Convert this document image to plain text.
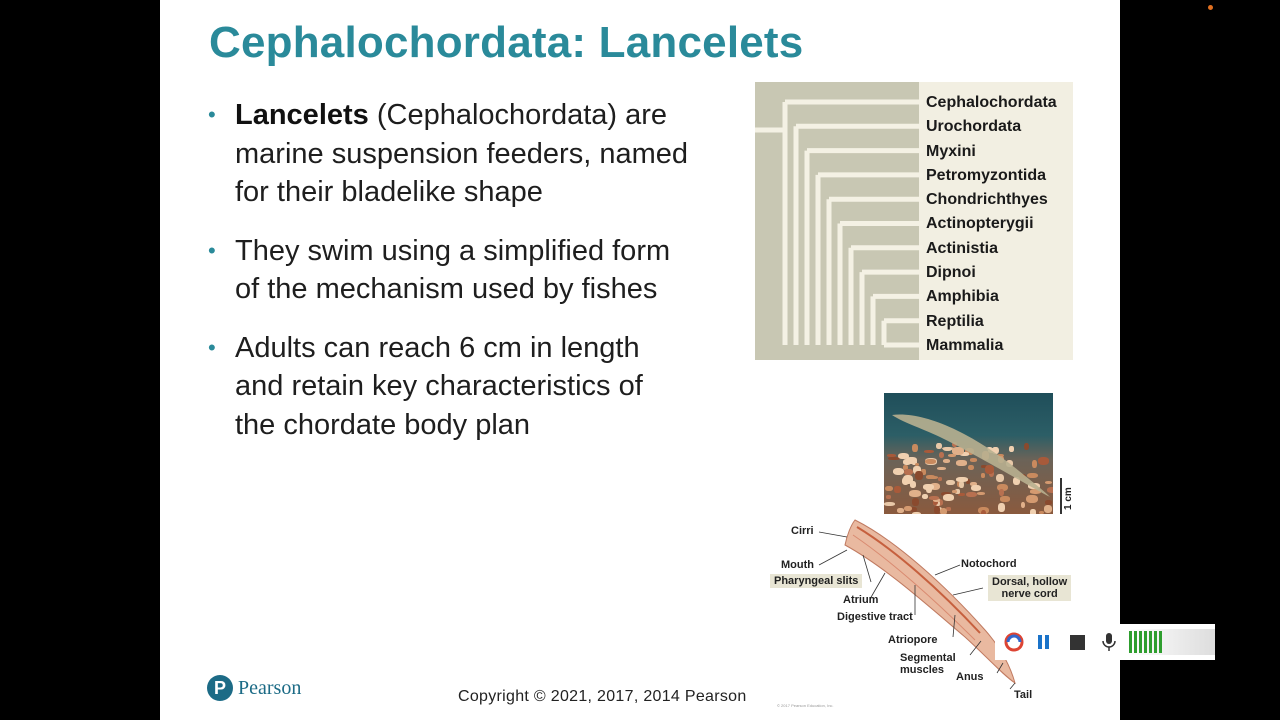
Cephalochordata: Lancelets
• Lancelets (Cephalochordata) are marine suspension feeders, named for their bladelike shape
• They swim using a simplified form of the mechanism used by fishes
• Adults can reach 6 cm in length and retain key characteristics of the chordate body plan
Cephalochordata
Urochordata
Myxini
Petromyzontida
Chondrichthyes
Actinopterygii
Actinistia
Dipnoi
Amphibia
Reptilia
Mammalia
1 cm
Cirri
Mouth
Pharyngeal slits
Atrium
Digestive tract
Atriopore
Segmental
muscles
Anus
Tail
Notochord
Dorsal, hollow
nerve cord
© 2017 Pearson Education, Inc.
P Pearson	Copyright © 2021, 2017, 2014 Pearson
